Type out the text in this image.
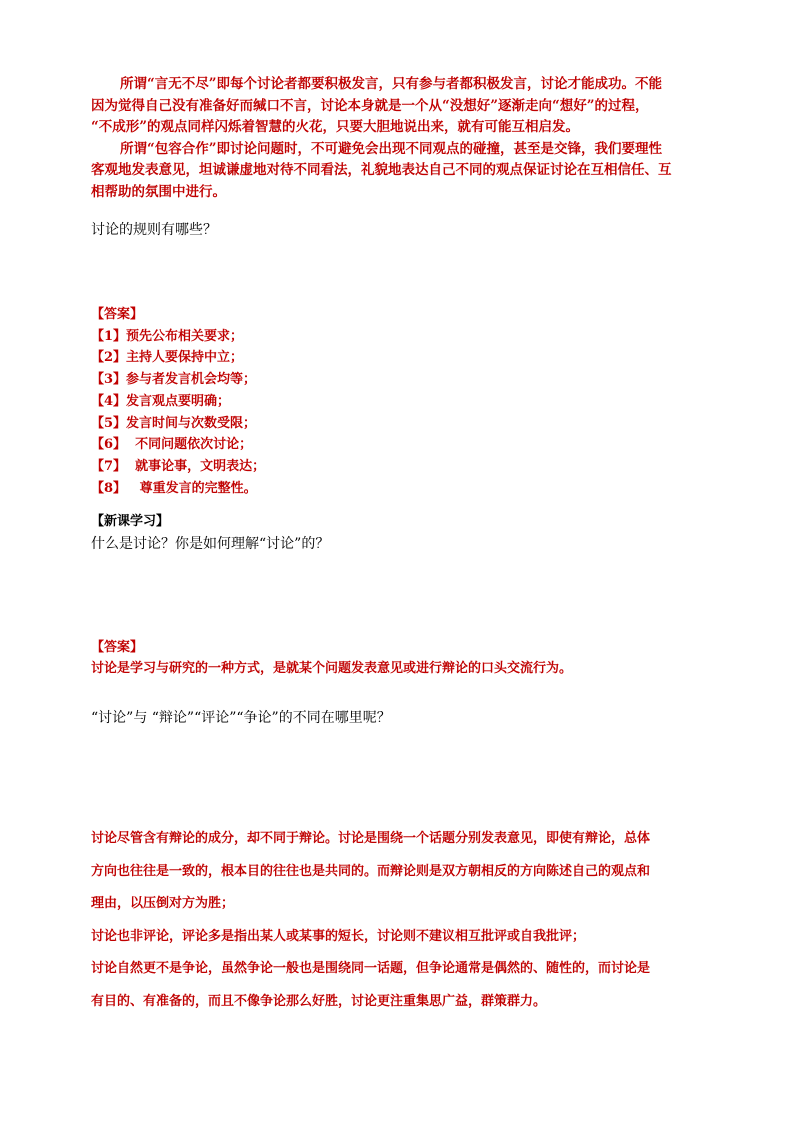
所谓“言无不尽”即每个讨论者都要积极发言，只有参与者都积极发言，讨论才能成功。不能
因为觉得自己没有准备好而缄口不言，讨论本身就是一个从“没想好”逐渐走向“想好”的过程，
“不成形”的观点同样闪烁着智慧的火花，只要大胆地说出来，就有可能互相启发。
所谓“包容合作”即讨论问题时，不可避免会出现不同观点的碰撞，甚至是交锋，我们要理性
客观地发表意见，坦诚谦虚地对待不同看法，礼貌地表达自己不同的观点保证讨论在互相信任、互
相帮助的氛围中进行。
讨论的规则有哪些？
【答案】
【1】预先公布相关要求；
【2】主持人要保持中立；
【3】参与者发言机会均等；
【4】发言观点要明确；
【5】发言时间与次数受限；
【6】  不同问题依次讨论；
【7】  就事论事，文明表达；
【8】   尊重发言的完整性。
【新课学习】
什么是讨论？你是如何理解“讨论”的？
【答案】
讨论是学习与研究的一种方式，是就某个问题发表意见或进行辩论的口头交流行为。
“讨论”与 “辩论”“评论”“争论”的不同在哪里呢？
讨论尽管含有辩论的成分，却不同于辩论。讨论是围绕一个话题分别发表意见，即使有辩论，总体
方向也往往是一致的，根本目的往往也是共同的。而辩论则是双方朝相反的方向陈述自己的观点和
理由，以压倒对方为胜；
讨论也非评论，评论多是指出某人或某事的短长，讨论则不建议相互批评或自我批评；
讨论自然更不是争论，虽然争论一般也是围绕同一话题，但争论通常是偶然的、随性的，而讨论是
有目的、有准备的，而且不像争论那么好胜，讨论更注重集思广益，群策群力。
